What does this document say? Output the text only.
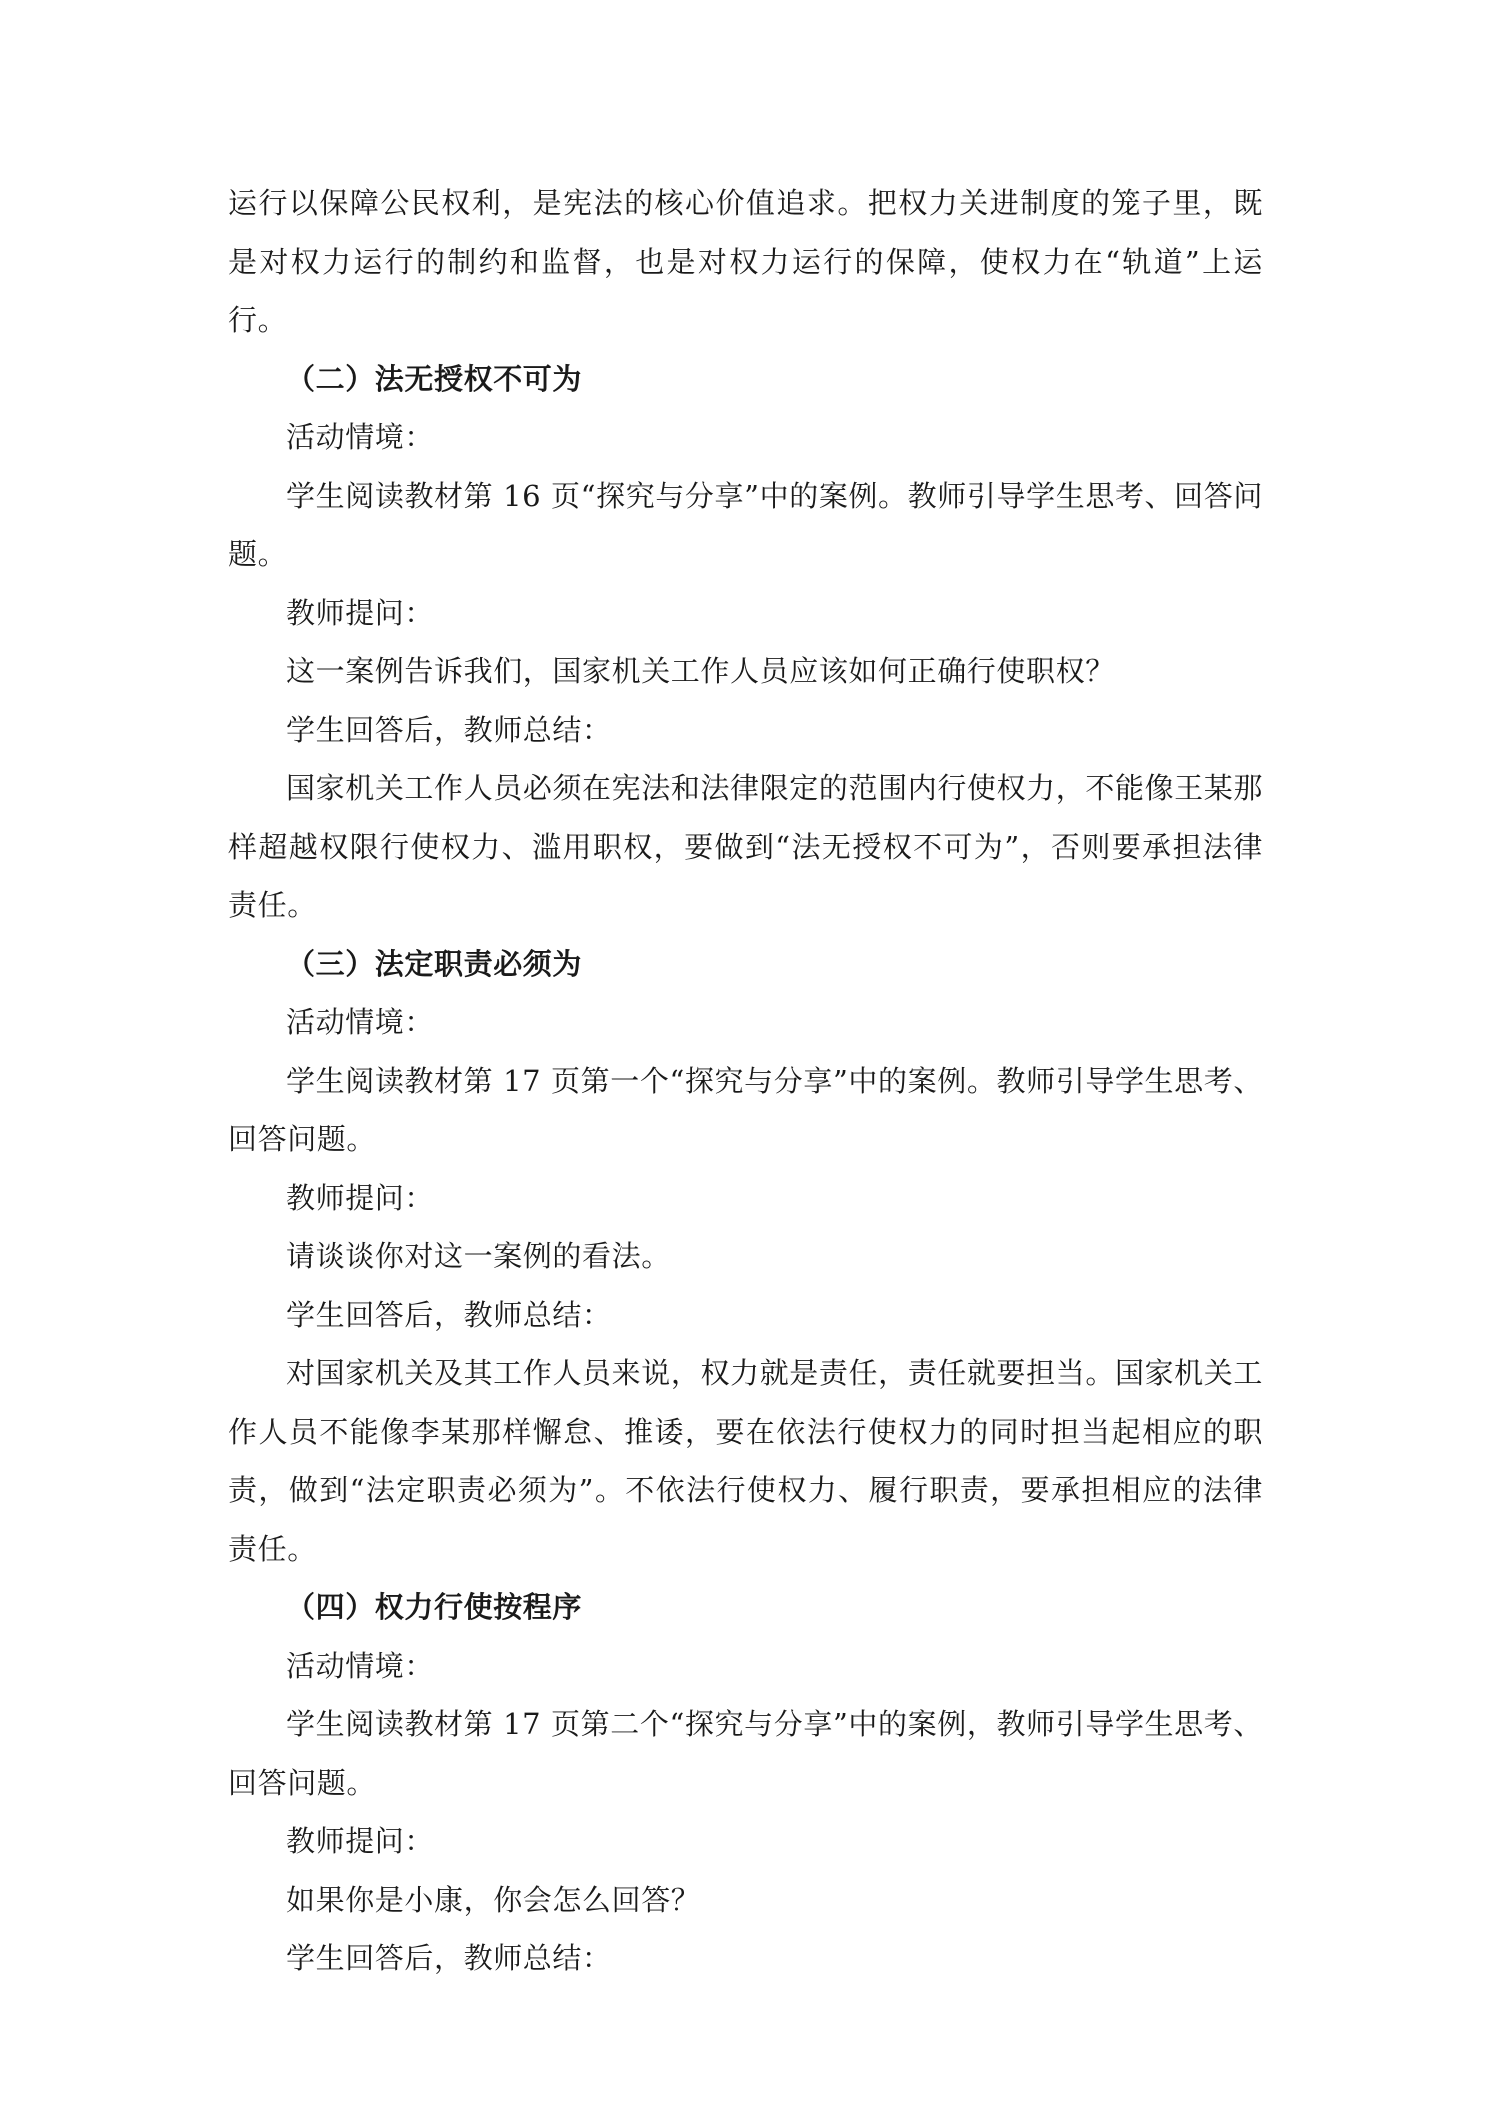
运行以保障公民权利，是宪法的核心价值追求。把权力关进制度的笼子里，既是对权力运行的制约和监督，也是对权力运行的保障，使权力在“轨道”上运行。

（二）法无授权不可为

活动情境：

学生阅读教材第 16 页“探究与分享”中的案例。教师引导学生思考、回答问题。

教师提问：

这一案例告诉我们，国家机关工作人员应该如何正确行使职权？

学生回答后，教师总结：

国家机关工作人员必须在宪法和法律限定的范围内行使权力，不能像王某那样超越权限行使权力、滥用职权，要做到“法无授权不可为”，否则要承担法律责任。

（三）法定职责必须为

活动情境：

学生阅读教材第 17 页第一个“探究与分享”中的案例。教师引导学生思考、回答问题。

教师提问：

请谈谈你对这一案例的看法。

学生回答后，教师总结：

对国家机关及其工作人员来说，权力就是责任，责任就要担当。国家机关工作人员不能像李某那样懈怠、推诿，要在依法行使权力的同时担当起相应的职责，做到“法定职责必须为”。不依法行使权力、履行职责，要承担相应的法律责任。

（四）权力行使按程序

活动情境：

学生阅读教材第 17 页第二个“探究与分享”中的案例，教师引导学生思考、回答问题。

教师提问：

如果你是小康，你会怎么回答？

学生回答后，教师总结：
